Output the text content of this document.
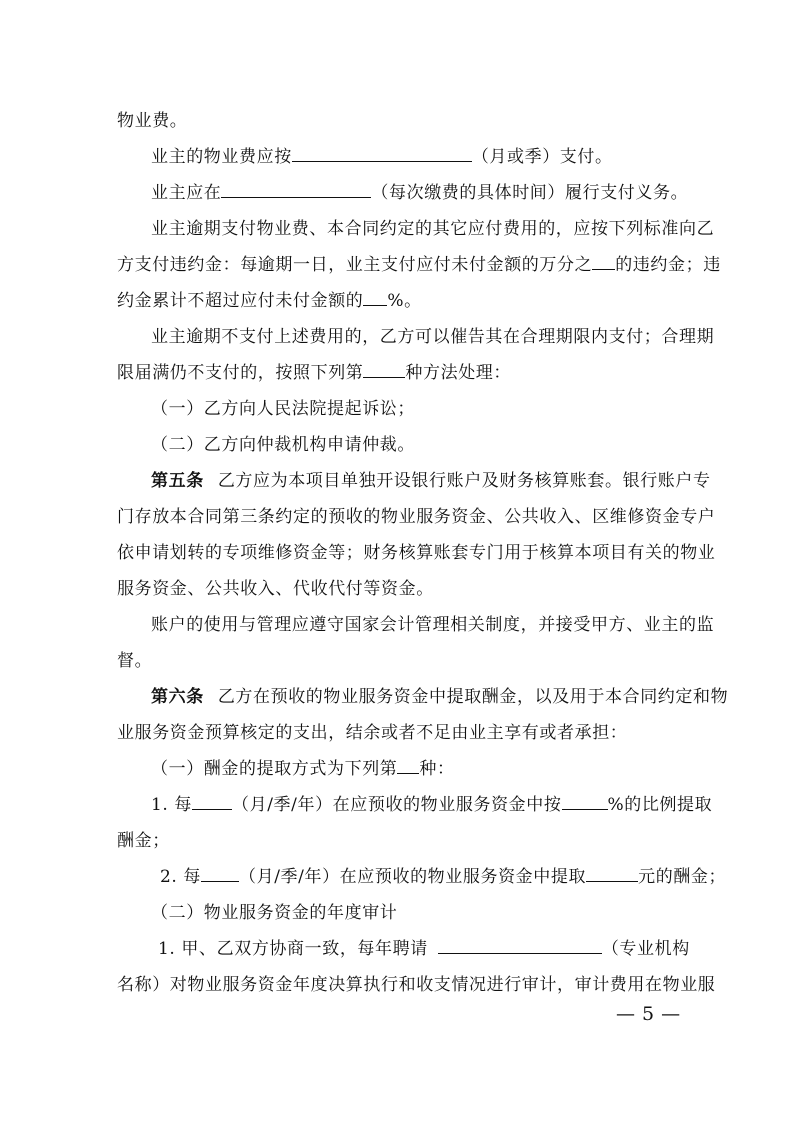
物业费。
业主的物业费应按	（月或季）支付。
业主应在	（每次缴费的具体时间）履行支付义务。
业主逾期支付物业费、本合同约定的其它应付费用的，应按下列标准向乙
方支付违约金：每逾期一日，业主支付应付未付金额的万分之 的违约金；违
约金累计不超过应付未付金额的 %。
业主逾期不支付上述费用的，乙方可以催告其在合理期限内支付；合理期
限届满仍不支付的，按照下列第 种方法处理：
（一）乙方向人民法院提起诉讼；
（二）乙方向仲裁机构申请仲裁。
第五条 乙方应为本项目单独开设银行账户及财务核算账套。银行账户专
门存放本合同第三条约定的预收的物业服务资金、公共收入、区维修资金专户
依申请划转的专项维修资金等；财务核算账套专门用于核算本项目有关的物业
服务资金、公共收入、代收代付等资金。
账户的使用与管理应遵守国家会计管理相关制度，并接受甲方、业主的监
督。
第六条 乙方在预收的物业服务资金中提取酬金，以及用于本合同约定和物
业服务资金预算核定的支出，结余或者不足由业主享有或者承担：
（一）酬金的提取方式为下列第 种：
1. 每 （月/季/年）在应预收的物业服务资金中按	%的比例提取
酬金；
2. 每 （月/季/年）在应预收的物业服务资金中提取	元的酬金；
（二）物业服务资金的年度审计
1. 甲、乙双方协商一致，每年聘请	（专业机构
名称）对物业服务资金年度决算执行和收支情况进行审计，审计费用在物业服
— 5 —
